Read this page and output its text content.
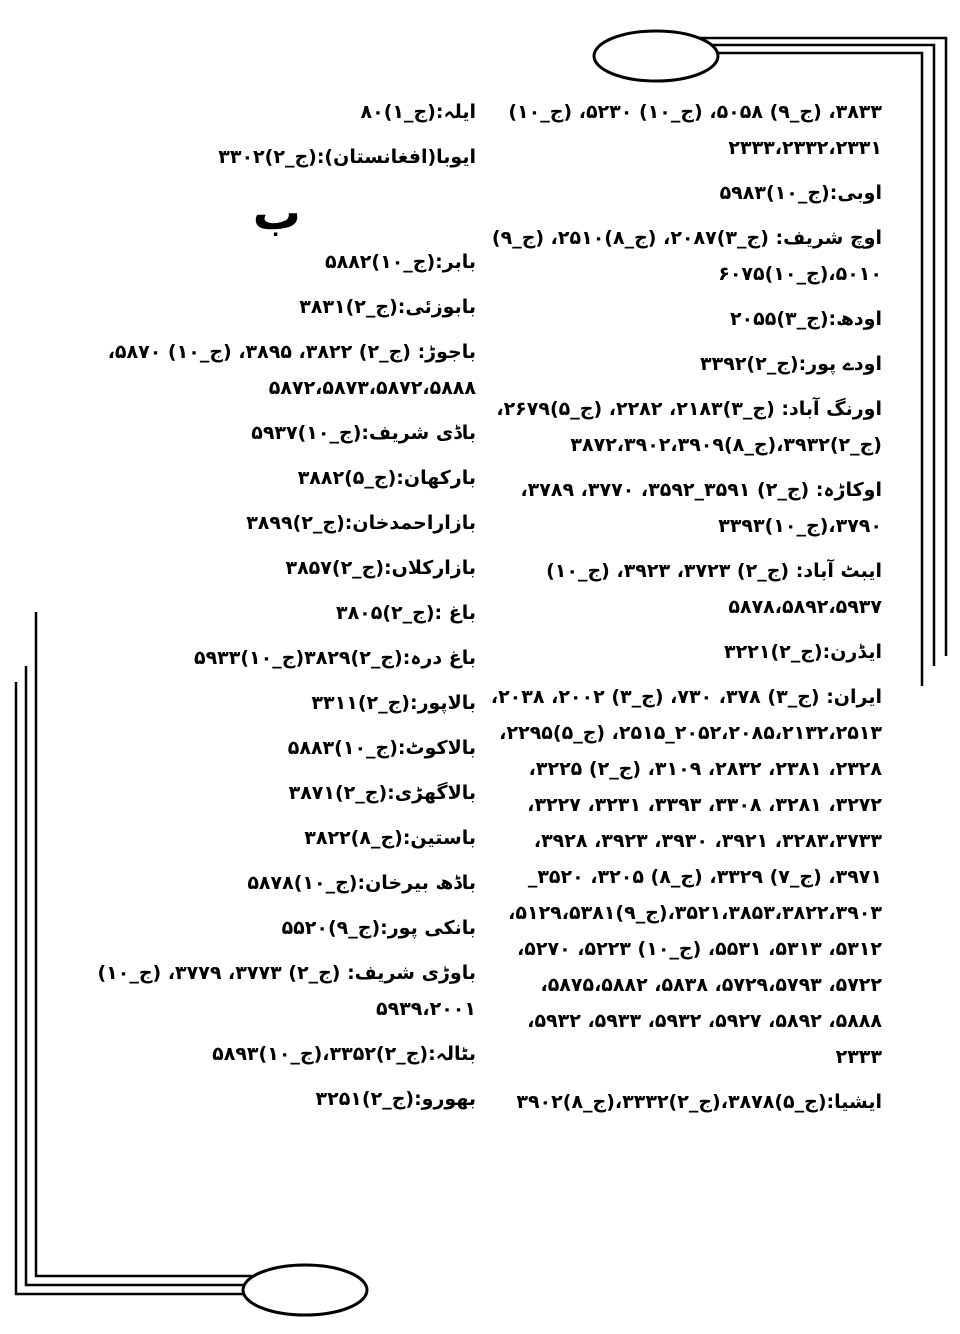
۳۸۳۳، (ج_۹) ۵۰۵۸، (ج_۱۰) ۵۲۳۰، (ج_۱۰)
۲۳۳۳،۲۳۳۲،۲۳۳۱
اوبی:(ج_۱۰)۵۹۸۳
اوچ شریف: (ج_۳)۲۰۸۷، (ج_۸)۲۵۱۰، (ج_۹)
۵۰۱۰،(ج_۱۰)۶۰۷۵
اودھ:(ج_۳)۲۰۵۵
اودے پور:(ج_۲)۳۳۹۲
اورنگ آباد: (ج_۳)۲۱۸۳، ۲۲۸۲، (ج_۵)۲۶۷۹،
(ج_۲)۳۹۳۲،(ج_۸)۳۸۷۲،۳۹۰۲،۳۹۰۹
اوکاڑہ: (ج_۲) ۳۵۹۱_۳۵۹۲، ۳۷۷۰، ۳۷۸۹،
۳۷۹۰،(ج_۱۰)۳۳۹۳
ایبٹ آباد: (ج_۲) ۳۷۲۳، ۳۹۲۳، (ج_۱۰)
۵۸۷۸،۵۸۹۲،۵۹۳۷
ایڈرن:(ج_۲)۳۲۲۱
ایران: (ج_۳) ۳۷۸، ۷۳۰، (ج_۳) ۲۰۰۲، ۲۰۳۸،
۲۰۵۲،۲۰۸۵،۲۱۳۲،۲۵۱۳_۲۵۱۵، (ج_۵)۲۲۹۵،
۲۳۲۸، ۲۳۸۱، ۲۸۳۲، ۳۱۰۹، (ج_۲) ۳۲۲۵،
۳۲۷۲، ۳۲۸۱، ۳۳۰۸، ۳۳۹۳، ۳۲۳۱، ۳۲۲۷،
۳۲۸۳،۳۷۳۳، ۳۹۲۱، ۳۹۳۰، ۳۹۲۳، ۳۹۲۸،
۳۹۷۱، (ج_۷) ۳۳۲۹، (ج_۸) ۳۲۰۵، ۳۵۲۰_
۳۵۲۱،۳۸۵۳،۳۸۲۲،۳۹۰۳،(ج_۹)۵۱۲۹،۵۳۸۱،
۵۳۱۲، ۵۳۱۳، ۵۵۳۱، (ج_۱۰) ۵۲۲۳، ۵۲۷۰،
۵۷۲۲، ۵۷۲۹،۵۷۹۳، ۵۸۳۸، ۵۸۷۵،۵۸۸۲،
۵۸۸۸، ۵۸۹۲، ۵۹۲۷، ۵۹۳۲، ۵۹۳۳، ۵۹۳۲،
۲۳۳۳
ایشیا:(ج_۵)۳۸۷۸،(ج_۲)۳۳۳۲،(ج_۸)۳۹۰۲
ایلہ:(ج_۱)۸۰
ایوبا(افغانستان):(ج_۲)۳۳۰۲
ب
بابر:(ج_۱۰)۵۸۸۲
بابوزئی:(ج_۲)۳۸۳۱
باجوڑ: (ج_۲) ۳۸۲۲، ۳۸۹۵، (ج_۱۰) ۵۸۷۰،
۵۸۷۲،۵۸۷۳،۵۸۷۲،۵۸۸۸
باڈی شریف:(ج_۱۰)۵۹۳۷
بارکھان:(ج_۵)۳۸۸۲
بازاراحمدخان:(ج_۲)۳۸۹۹
بازارکلاں:(ج_۲)۳۸۵۷
باغ :(ج_۲)۳۸۰۵
باغ درہ:(ج_۲)۳۸۲۹(ج_۱۰)۵۹۳۳
بالاپور:(ج_۲)۳۳۱۱
بالاکوٹ:(ج_۱۰)۵۸۸۳
بالاگھڑی:(ج_۲)۳۸۷۱
باستین:(ج_۸)۳۸۲۲
باڈھ بیرخان:(ج_۱۰)۵۸۷۸
بانکی پور:(ج_۹)۵۵۲۰
باوڑی شریف: (ج_۲) ۳۷۷۳، ۳۷۷۹، (ج_۱۰)
۵۹۳۹،۲۰۰۱
بٹالہ:(ج_۲)۳۳۵۲،(ج_۱۰)۵۸۹۳
بھورو:(ج_۲)۳۲۵۱
